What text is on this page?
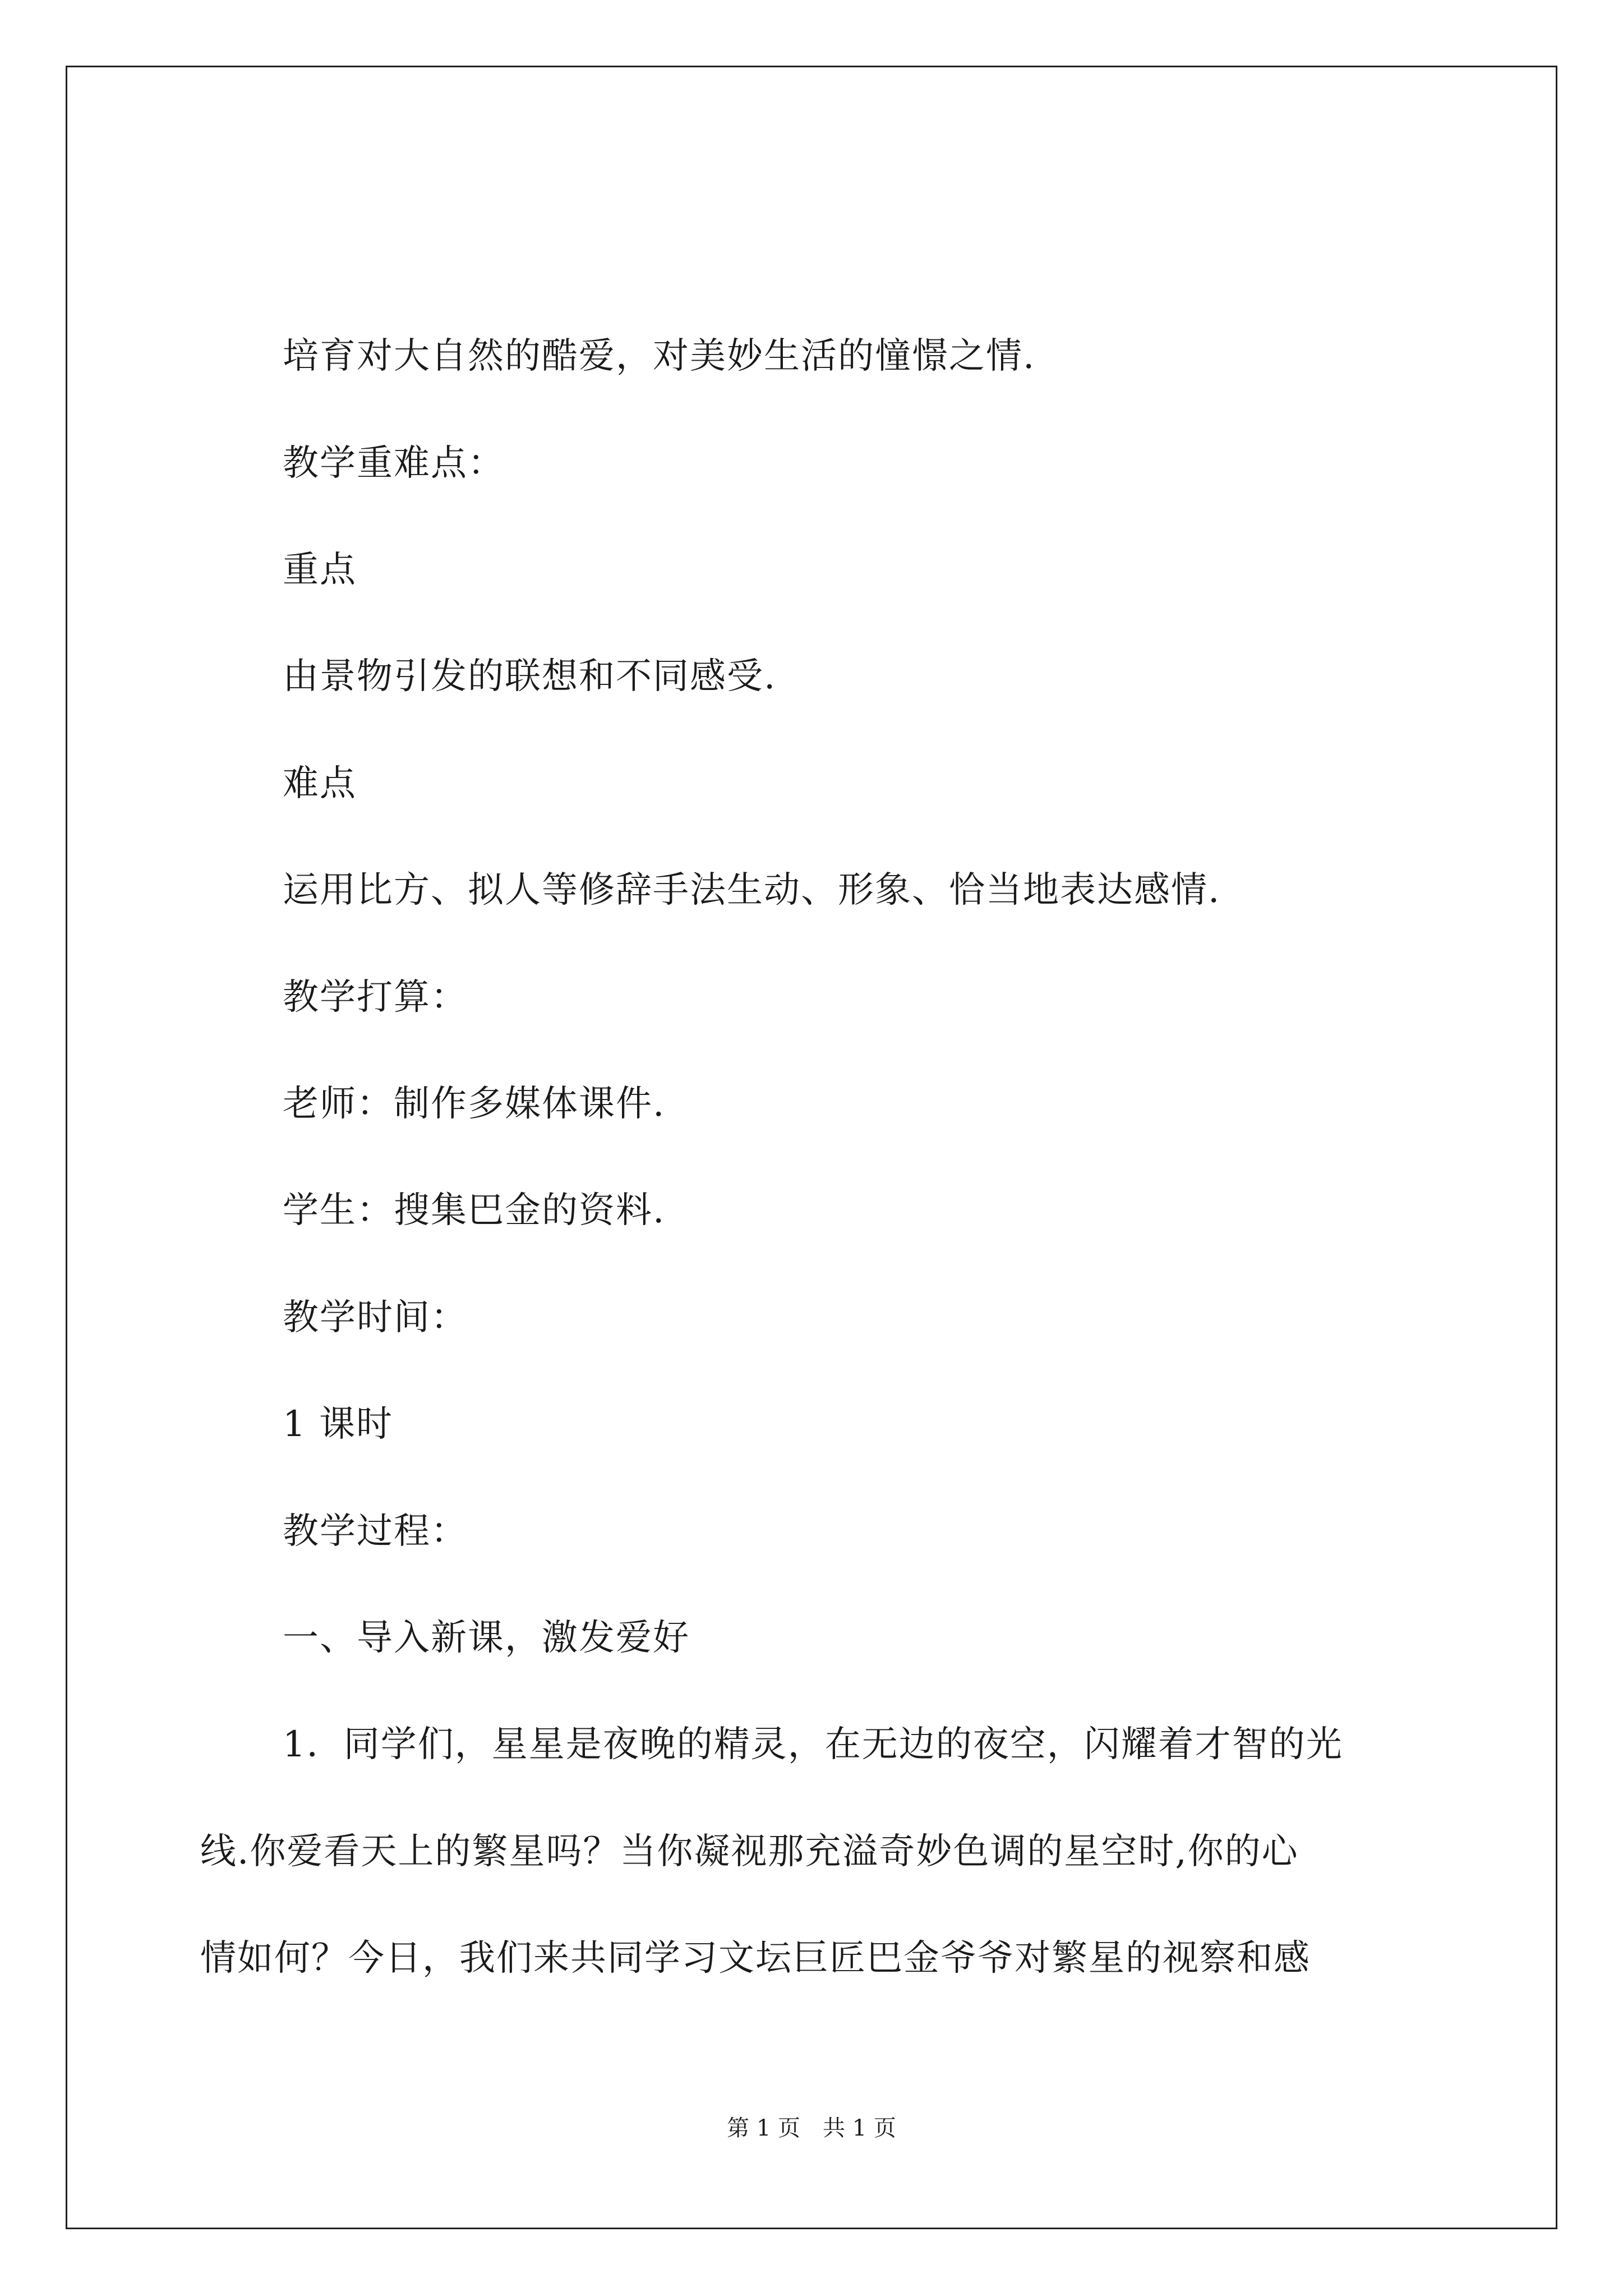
培育对大自然的酷爱，对美妙生活的憧憬之情.
教学重难点：
重点
由景物引发的联想和不同感受.
难点
运用比方、拟人等修辞手法生动、形象、恰当地表达感情.
教学打算：
老师：制作多媒体课件.
学生：搜集巴金的资料.
教学时间：
1 课时
教学过程：
一、导入新课，激发爱好
1．同学们，星星是夜晚的精灵，在无边的夜空，闪耀着才智的光
线.你爱看天上的繁星吗？当你凝视那充溢奇妙色调的星空时,你的心
情如何？今日，我们来共同学习文坛巨匠巴金爷爷对繁星的视察和感
第 1 页 共 1 页
